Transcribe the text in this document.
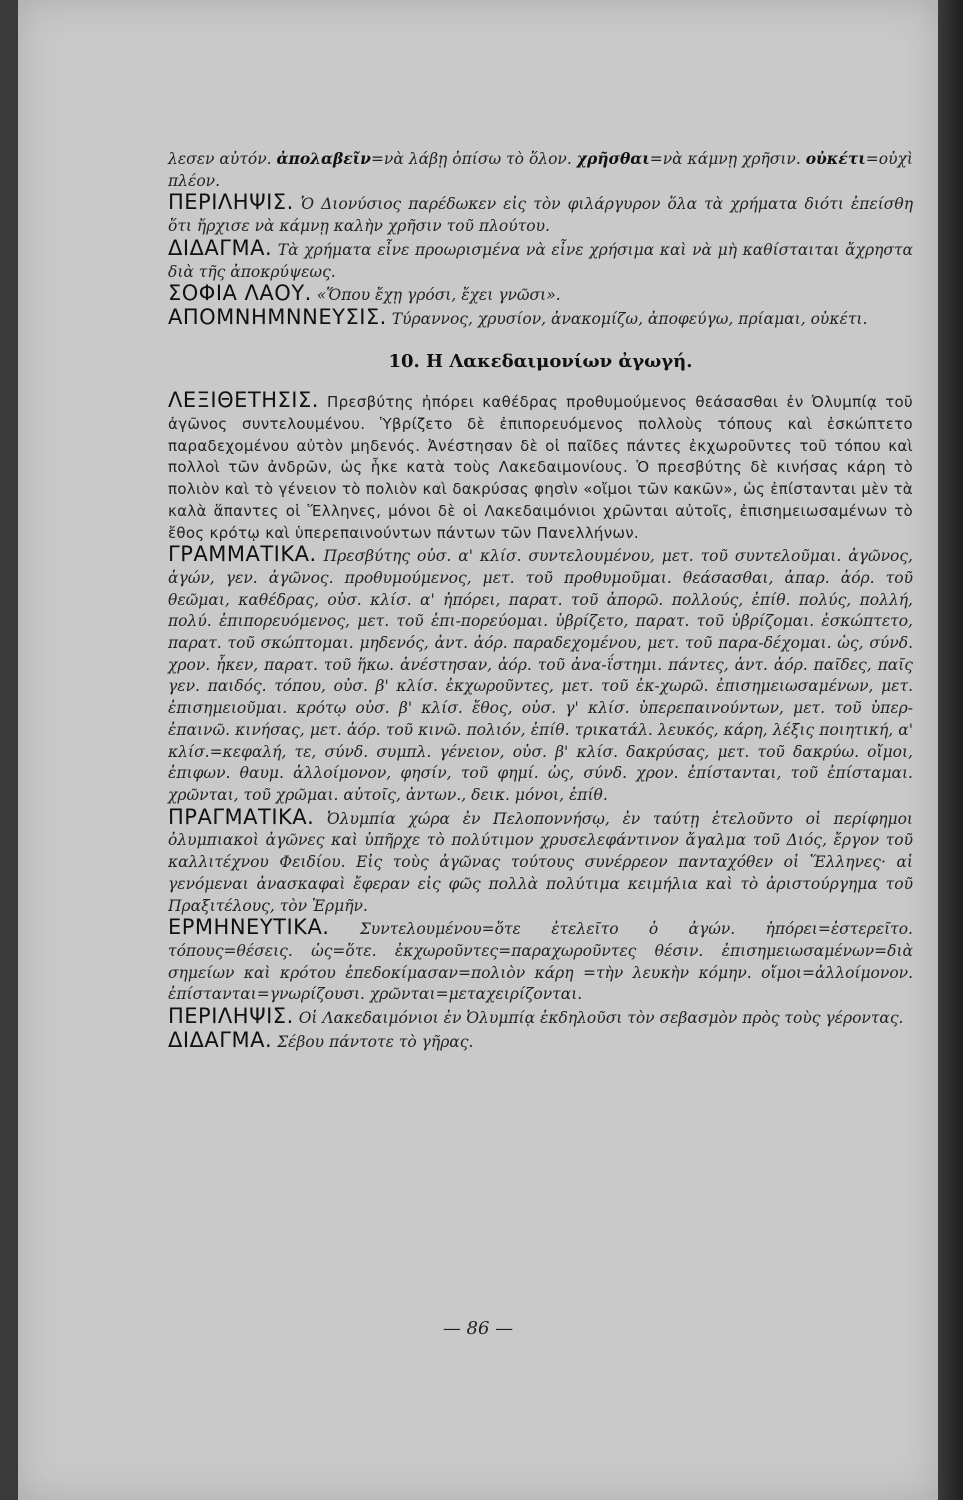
λεσεν αὐτόν. ἀπολαβεῖν=νὰ λάβῃ ὀπίσω τὸ ὅλον. χρῆσθαι=νὰ κάμνῃ χρῆσιν. οὐκέτι=οὐχὶ πλέον.

ΠΕΡΙΛΗΨΙΣ. Ὁ Διονύσιος παρέδωκεν εἰς τὸν φιλάργυρον ὅλα τὰ χρήματα διότι ἐπείσθη ὅτι ἤρχισε νὰ κάμνῃ καλὴν χρῆσιν τοῦ πλούτου.

ΔΙΔΑΓΜΑ. Τὰ χρήματα εἶνε προωρισμένα νὰ εἶνε χρήσιμα καὶ νὰ μὴ καθίσταιται ἄχρηστα διὰ τῆς ἀποκρύψεως.

ΣΟΦΙΑ ΛΑΟΥ. «Ὅπου ἔχῃ γρόσι, ἔχει γνῶσι».

ΑΠΟΜΝΗΜΝΝΕΥΣΙΣ. Τύραννος, χρυσίον, ἀνακομίζω, ἀποφεύγω, πρίαμαι, οὐκέτι.

10. Η Λακεδαιμονίων ἀγωγή.

ΛΕΞΙΘΕΤΗΣΙΣ. Πρεσβύτης ἠπόρει καθέδρας προθυμούμενος θεάσασθαι ἐν Ὀλυμπίᾳ τοῦ ἀγῶνος συντελουμένου. Ὑβρίζετο δὲ ἐπιπορευόμενος πολλοὺς τόπους καὶ ἐσκώπτετο παραδεχομένου αὐτὸν μηδενός. Ἀνέστησαν δὲ οἱ παῖδες πάντες ἐκχωροῦντες τοῦ τόπου καὶ πολλοὶ τῶν ἀνδρῶν, ὡς ἧκε κατὰ τοὺς Λακεδαιμονίους. Ὁ πρεσβύτης δὲ κινήσας κάρη τὸ πολιὸν καὶ τὸ γένειον τὸ πολιὸν καὶ δακρύσας φησὶν «οἴμοι τῶν κακῶν», ὡς ἐπίστανται μὲν τὰ καλὰ ἅπαντες οἱ Ἕλληνες, μόνοι δὲ οἱ Λακεδαιμόνιοι χρῶνται αὐτοῖς, ἐπισημειωσαμένων τὸ ἔθος κρότῳ καὶ ὑπερεπαινούντων πάντων τῶν Πανελλήνων.

ΓΡΑΜΜΑΤΙΚΑ. Πρεσβύτης οὐσ. α' κλίσ. συντελουμένου, μετ. τοῦ συντελοῦμαι. ἀγῶνος, ἀγών, γεν. ἀγῶνος. προθυμούμενος, μετ. τοῦ προθυμοῦμαι. θεάσασθαι, ἀπαρ. ἀόρ. τοῦ θεῶμαι, καθέδρας, οὐσ. κλίσ. α' ἠπόρει, παρατ. τοῦ ἀπορῶ. πολλούς, ἐπίθ. πολύς, πολλή, πολύ. ἐπιπορευόμενος, μετ. τοῦ ἐπι-πορεύομαι. ὑβρίζετο, παρατ. τοῦ ὑβρίζομαι. ἐσκώπτετο, παρατ. τοῦ σκώπτομαι. μηδενός, ἀντ. ἀόρ. παραδεχομένου, μετ. τοῦ παρα-δέχομαι. ὡς, σύνδ. χρον. ἧκεν, παρατ. τοῦ ἥκω. ἀνέστησαν, ἀόρ. τοῦ ἀνα-ΐστημι. πάντες, ἀντ. ἀόρ. παῖδες, παῖς γεν. παιδός. τόπου, οὐσ. β' κλίσ. ἐκχωροῦντες, μετ. τοῦ ἐκ-χωρῶ. ἐπισημειωσαμένων, μετ. ἐπισημειοῦμαι. κρότῳ οὐσ. β' κλίσ. ἔθος, οὐσ. γ' κλίσ. ὑπερεπαινούντων, μετ. τοῦ ὑπερ-ἐπαινῶ. κινήσας, μετ. ἀόρ. τοῦ κινῶ. πολιόν, ἐπίθ. τρικατάλ. λευκός, κάρη, λέξις ποιητική, α' κλίσ.=κεφαλή, τε, σύνδ. συμπλ. γένειον, οὐσ. β' κλίσ. δακρύσας, μετ. τοῦ δακρύω. οἴμοι, ἐπιφων. θαυμ. ἀλλοίμονον, φησίν, τοῦ φημί. ὡς, σύνδ. χρον. ἐπίστανται, τοῦ ἐπίσταμαι. χρῶνται, τοῦ χρῶμαι. αὐτοῖς, ἀντων., δεικ. μόνοι, ἐπίθ.

ΠΡΑΓΜΑΤΙΚΑ. Ὀλυμπία χώρα ἐν Πελοποννήσῳ, ἐν ταύτῃ ἐτελοῦντο οἱ περίφημοι ὀλυμπιακοὶ ἀγῶνες καὶ ὑπῆρχε τὸ πολύτιμον χρυσελεφάντινον ἄγαλμα τοῦ Διός, ἔργον τοῦ καλλιτέχνου Φειδίου. Εἰς τοὺς ἀγῶνας τούτους συνέρρεον πανταχόθεν οἱ Ἕλληνες· αἱ γενόμεναι ἀνασκαφαὶ ἔφεραν εἰς φῶς πολλὰ πολύτιμα κειμήλια καὶ τὸ ἀριστούργημα τοῦ Πραξιτέλους, τὸν Ἑρμῆν.

ΕΡΜΗΝΕΥΤΙΚΑ. Συντελουμένου=ὅτε ἐτελεῖτο ὁ ἀγών. ἠπόρει=ἐστερεῖτο. τόπους=θέσεις. ὡς=ὅτε. ἐκχωροῦντες=παραχωροῦντες θέσιν. ἐπισημειωσαμένων=διὰ σημείων καὶ κρότου ἐπεδοκίμασαν=πολιὸν κάρη =τὴν λευκὴν κόμην. οἴμοι=ἀλλοίμονον. ἐπίστανται=γνωρίζουσι. χρῶνται=μεταχειρίζονται.

ΠΕΡΙΛΗΨΙΣ. Οἱ Λακεδαιμόνιοι ἐν Ὀλυμπίᾳ ἐκδηλοῦσι τὸν σεβασμὸν πρὸς τοὺς γέροντας.

ΔΙΔΑΓΜΑ. Σέβου πάντοτε τὸ γῆρας.

— 86 —
